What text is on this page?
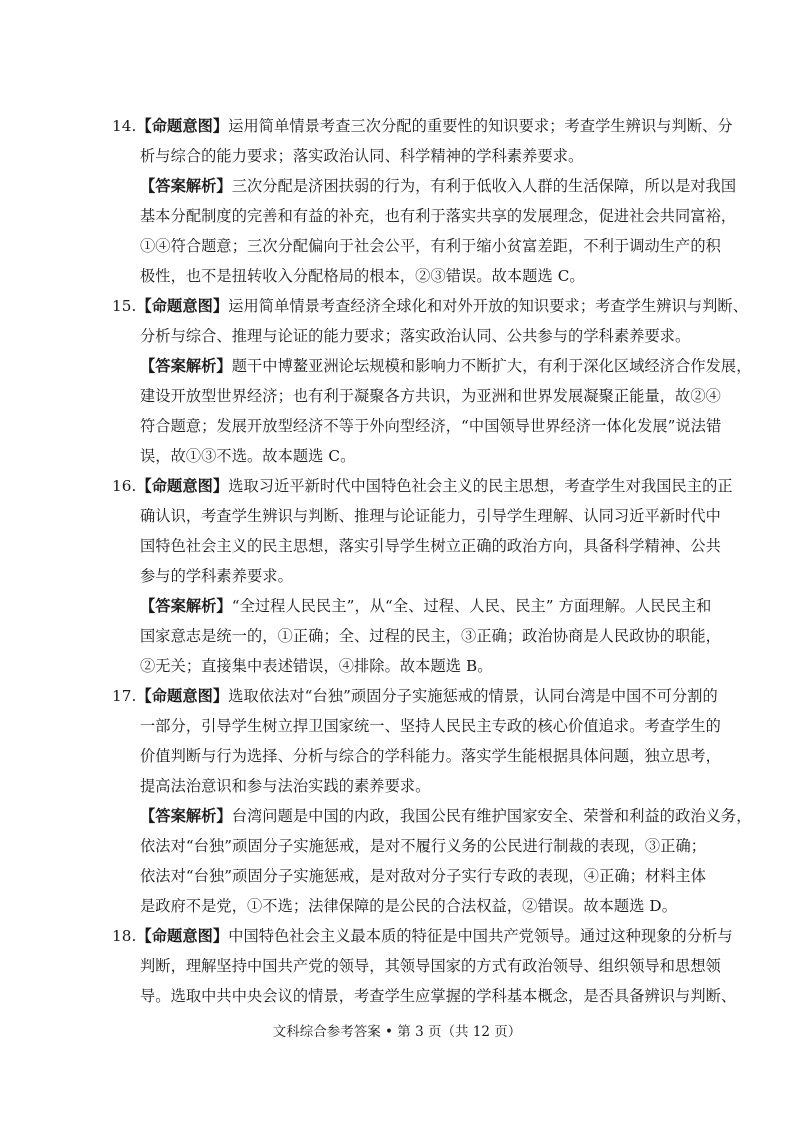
14.【命题意图】运用简单情景考查三次分配的重要性的知识要求；考查学生辨识与判断、分
析与综合的能力要求；落实政治认同、科学精神的学科素养要求。
【答案解析】三次分配是济困扶弱的行为，有利于低收入人群的生活保障，所以是对我国
基本分配制度的完善和有益的补充，也有利于落实共享的发展理念，促进社会共同富裕，
①④符合题意；三次分配偏向于社会公平，有利于缩小贫富差距，不利于调动生产的积
极性，也不是扭转收入分配格局的根本，②③错误。故本题选 C。
15.【命题意图】运用简单情景考查经济全球化和对外开放的知识要求；考查学生辨识与判断、
分析与综合、推理与论证的能力要求；落实政治认同、公共参与的学科素养要求。
【答案解析】题干中博鳌亚洲论坛规模和影响力不断扩大，有利于深化区域经济合作发展，
建设开放型世界经济；也有利于凝聚各方共识，为亚洲和世界发展凝聚正能量，故②④
符合题意；发展开放型经济不等于外向型经济，“中国领导世界经济一体化发展”说法错
误，故①③不选。故本题选 C。
16.【命题意图】选取习近平新时代中国特色社会主义的民主思想，考查学生对我国民主的正
确认识，考查学生辨识与判断、推理与论证能力，引导学生理解、认同习近平新时代中
国特色社会主义的民主思想，落实引导学生树立正确的政治方向，具备科学精神、公共
参与的学科素养要求。
【答案解析】“全过程人民民主”，从“全、过程、人民、民主” 方面理解。人民民主和
国家意志是统一的，①正确；全、过程的民主，③正确；政治协商是人民政协的职能，
②无关；直接集中表述错误，④排除。故本题选 B。
17.【命题意图】选取依法对“台独”顽固分子实施惩戒的情景，认同台湾是中国不可分割的
一部分，引导学生树立捍卫国家统一、坚持人民民主专政的核心价值追求。考查学生的
价值判断与行为选择、分析与综合的学科能力。落实学生能根据具体问题，独立思考，
提高法治意识和参与法治实践的素养要求。
【答案解析】台湾问题是中国的内政，我国公民有维护国家安全、荣誉和利益的政治义务，
依法对“台独”顽固分子实施惩戒，是对不履行义务的公民进行制裁的表现，③正确；
依法对“台独”顽固分子实施惩戒，是对敌对分子实行专政的表现，④正确；材料主体
是政府不是党，①不选；法律保障的是公民的合法权益，②错误。故本题选 D。
18.【命题意图】中国特色社会主义最本质的特征是中国共产党领导。通过这种现象的分析与
判断，理解坚持中国共产党的领导，其领导国家的方式有政治领导、组织领导和思想领
导。选取中共中央会议的情景，考查学生应掌握的学科基本概念，是否具备辨识与判断、
文科综合参考答案 • 第 3 页（共 12 页）
